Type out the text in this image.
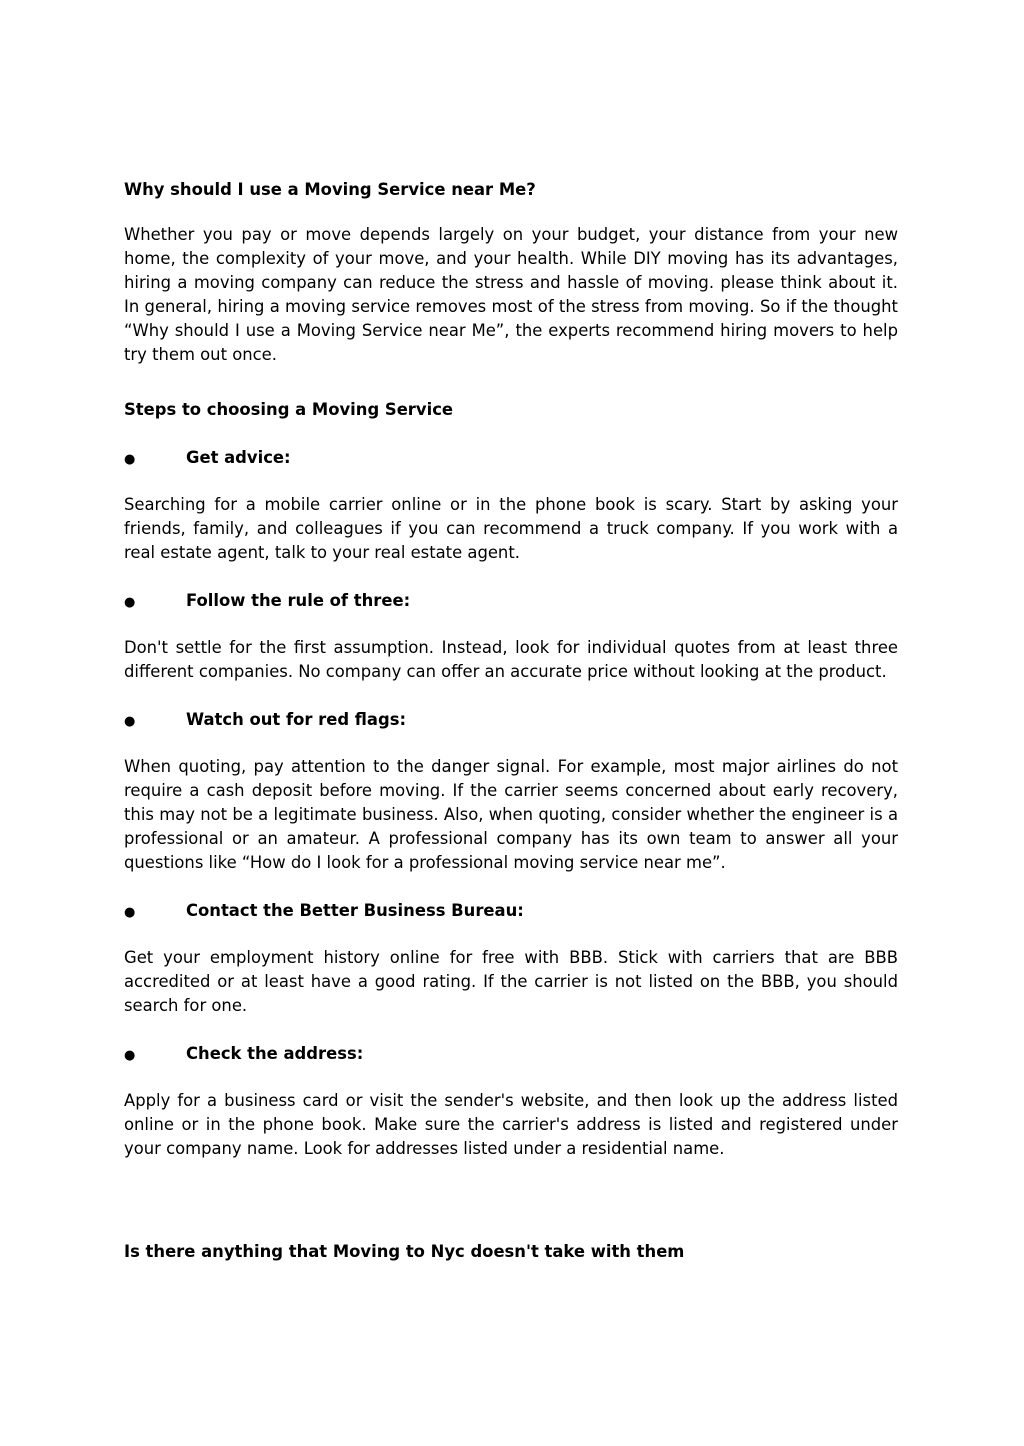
Why should I use a Moving Service near Me?

Whether you pay or move depends largely on your budget, your distance from your new home, the complexity of your move, and your health. While DIY moving has its advantages, hiring a moving company can reduce the stress and hassle of moving. please think about it. In general, hiring a moving service removes most of the stress from moving. So if the thought “Why should I use a Moving Service near Me”, the experts recommend hiring movers to help try them out once.

Steps to choosing a Moving Service

●	Get advice:

Searching for a mobile carrier online or in the phone book is scary. Start by asking your friends, family, and colleagues if you can recommend a truck company. If you work with a real estate agent, talk to your real estate agent.

●	Follow the rule of three:

Don't settle for the first assumption. Instead, look for individual quotes from at least three different companies. No company can offer an accurate price without looking at the product.

●	Watch out for red flags:

When quoting, pay attention to the danger signal. For example, most major airlines do not require a cash deposit before moving. If the carrier seems concerned about early recovery, this may not be a legitimate business. Also, when quoting, consider whether the engineer is a professional or an amateur. A professional company has its own team to answer all your questions like “How do I look for a professional moving service near me”.

●	Contact the Better Business Bureau:

Get your employment history online for free with BBB. Stick with carriers that are BBB accredited or at least have a good rating. If the carrier is not listed on the BBB, you should search for one.

●	Check the address:

Apply for a business card or visit the sender's website, and then look up the address listed online or in the phone book. Make sure the carrier's address is listed and registered under your company name. Look for addresses listed under a residential name.

Is there anything that Moving to Nyc doesn't take with them
